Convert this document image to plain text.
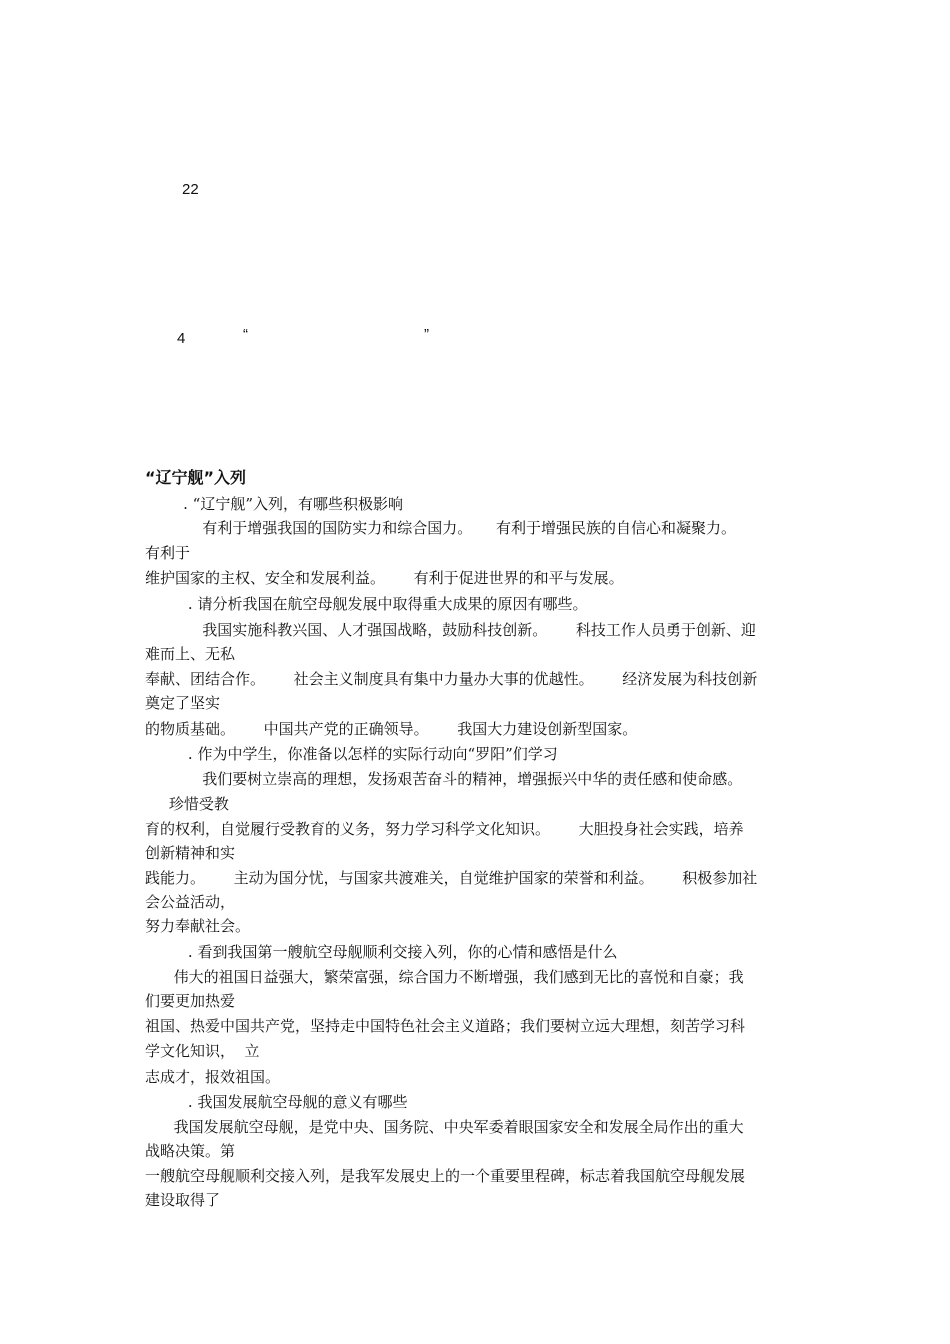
22
4	“	”
“辽宁舰”入列
. “辽宁舰”入列，有哪些积极影响
有利于增强我国的国防实力和综合国力。     有利于增强民族的自信心和凝聚力。
有利于
维护国家的主权、安全和发展利益。      有利于促进世界的和平与发展。
. 请分析我国在航空母舰发展中取得重大成果的原因有哪些。
我国实施科教兴国、人才强国战略，鼓励科技创新。      科技工作人员勇于创新、迎
难而上、无私
奉献、团结合作。      社会主义制度具有集中力量办大事的优越性。      经济发展为科技创新
奠定了坚实
的物质基础。      中国共产党的正确领导。      我国大力建设创新型国家。
. 作为中学生，你准备以怎样的实际行动向“罗阳”们学习
我们要树立崇高的理想，发扬艰苦奋斗的精神，增强振兴中华的责任感和使命感。
珍惜受教
育的权利，自觉履行受教育的义务，努力学习科学文化知识。      大胆投身社会实践，培养
创新精神和实
践能力。      主动为国分忧，与国家共渡难关，自觉维护国家的荣誉和利益。      积极参加社
会公益活动，
努力奉献社会。
. 看到我国第一艘航空母舰顺利交接入列，你的心情和感悟是什么
伟大的祖国日益强大，繁荣富强，综合国力不断增强，我们感到无比的喜悦和自豪；我
们要更加热爱
祖国、热爱中国共产党，坚持走中国特色社会主义道路；我们要树立远大理想，刻苦学习科
学文化知识，  立
志成才，报效祖国。
. 我国发展航空母舰的意义有哪些
我国发展航空母舰，是党中央、国务院、中央军委着眼国家安全和发展全局作出的重大
战略决策。第
一艘航空母舰顺利交接入列，是我军发展史上的一个重要里程碑，标志着我国航空母舰发展
建设取得了
